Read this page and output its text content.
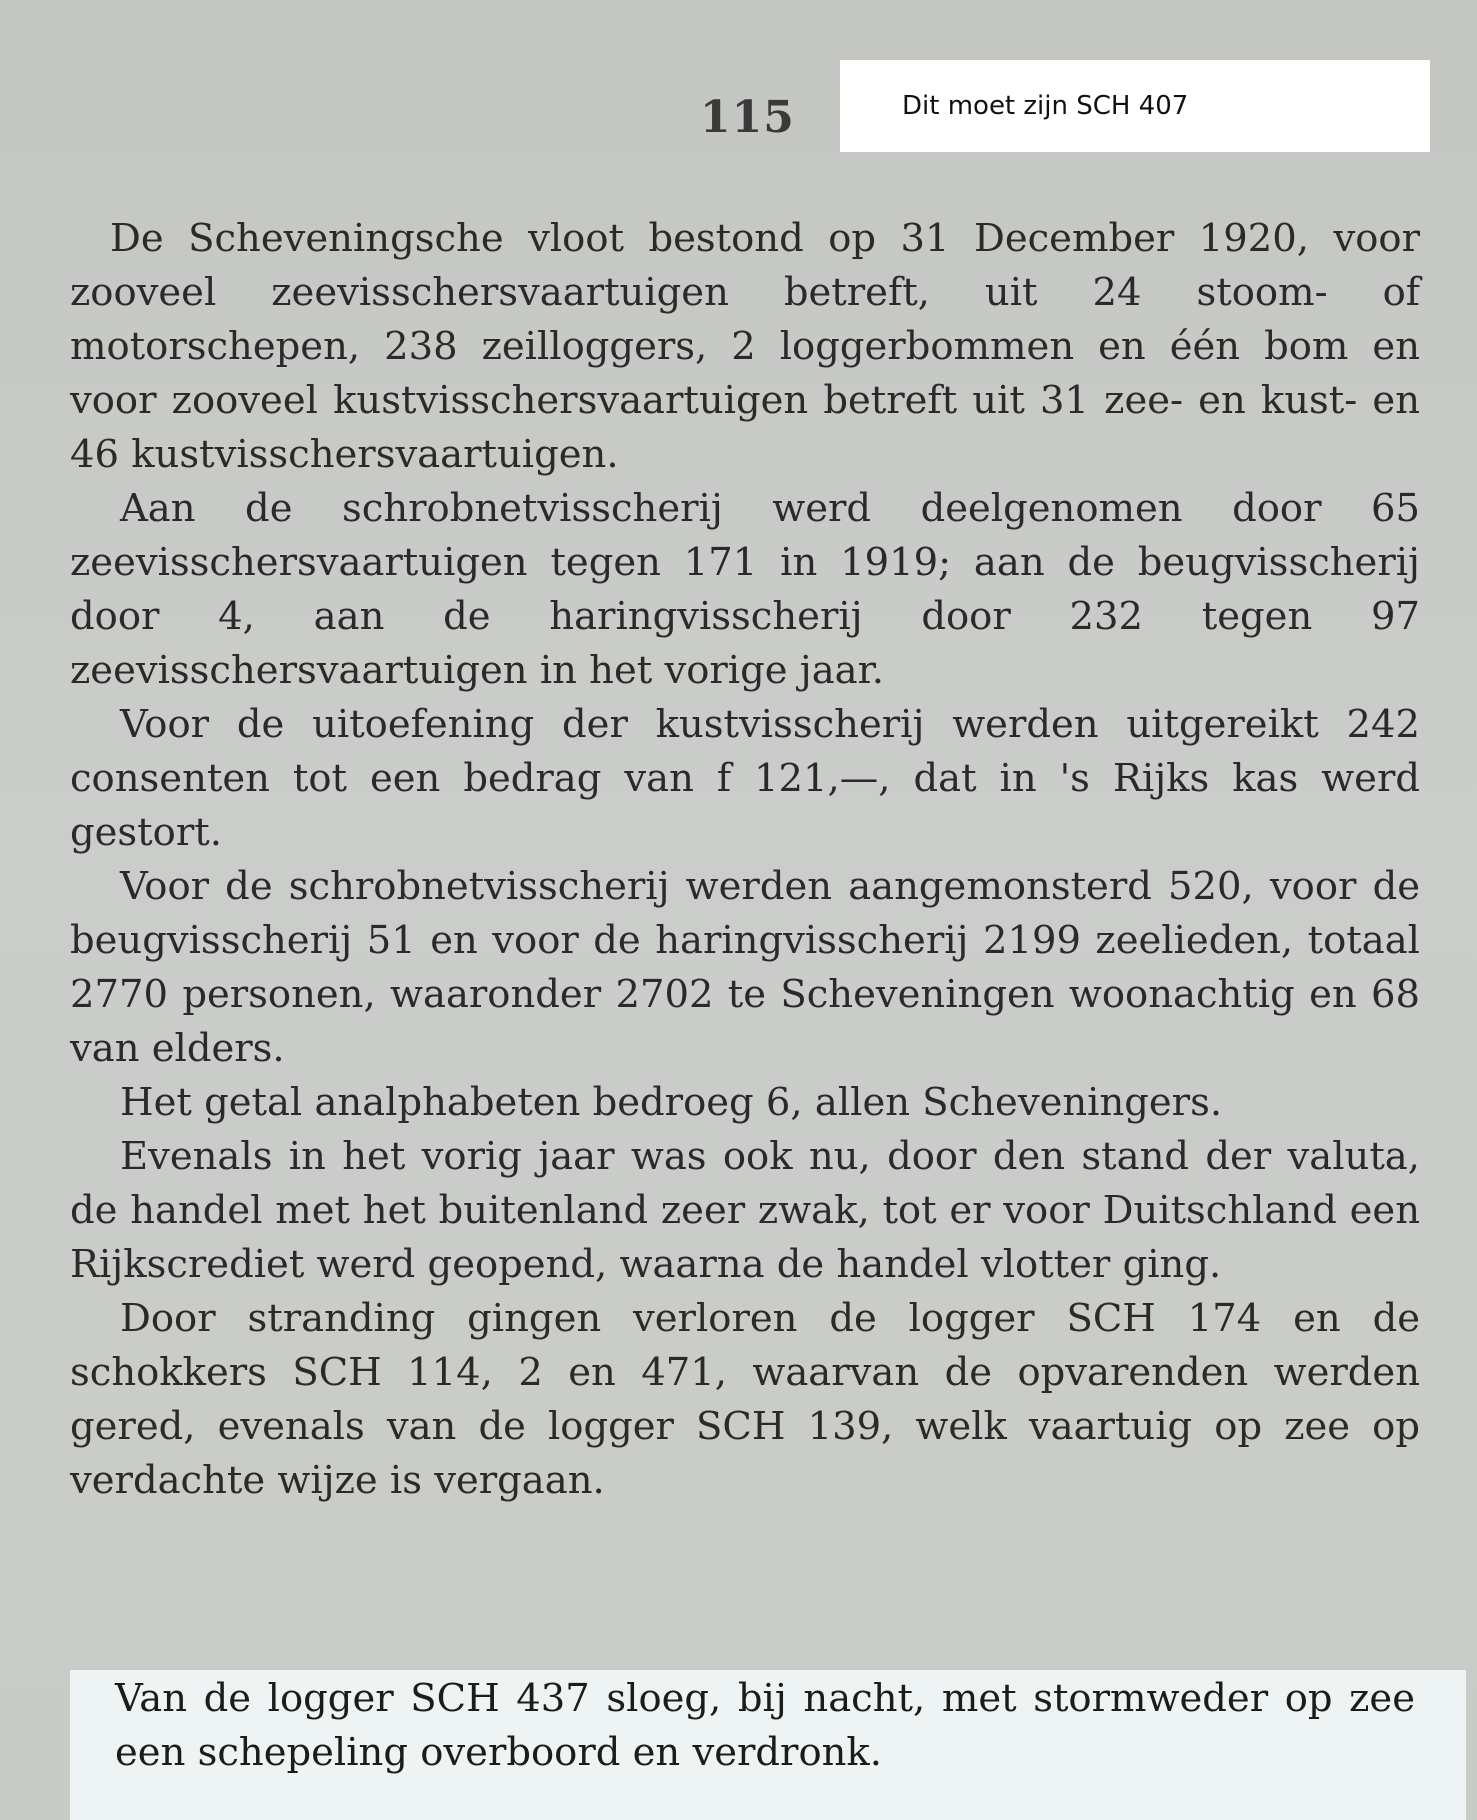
115	Dit moet zijn SCH 407

De Scheveningsche vloot bestond op 31 December 1920, voor zooveel zeevisschersvaartuigen betreft, uit 24 stoom- of motorschepen, 238 zeilloggers, 2 loggerbommen en één bom en voor zooveel kustvisschersvaartuigen betreft uit 31 zee- en kust- en 46 kustvisschersvaartuigen.

Aan de schrobnetvisscherij werd deelgenomen door 65 zeevisschersvaartuigen tegen 171 in 1919; aan de beugvisscherij door 4, aan de haringvisscherij door 232 tegen 97 zeevisschersvaartuigen in het vorige jaar.

Voor de uitoefening der kustvisscherij werden uitgereikt 242 consenten tot een bedrag van f 121,—, dat in 's Rijks kas werd gestort.

Voor de schrobnetvisscherij werden aangemonsterd 520, voor de beugvisscherij 51 en voor de haringvisscherij 2199 zeelieden, totaal 2770 personen, waaronder 2702 te Scheveningen woonachtig en 68 van elders.

Het getal analphabeten bedroeg 6, allen Scheveningers.

Evenals in het vorig jaar was ook nu, door den stand der valuta, de handel met het buitenland zeer zwak, tot er voor Duitschland een Rijkscrediet werd geopend, waarna de handel vlotter ging.

Door stranding gingen verloren de logger SCH 174 en de schokkers SCH 114, 2 en 471, waarvan de opvarenden werden gered, evenals van de logger SCH 139, welk vaartuig op zee op verdachte wijze is vergaan.

Van de logger SCH 437 sloeg, bij nacht, met stormweder op zee een schepeling overboord en verdronk.
